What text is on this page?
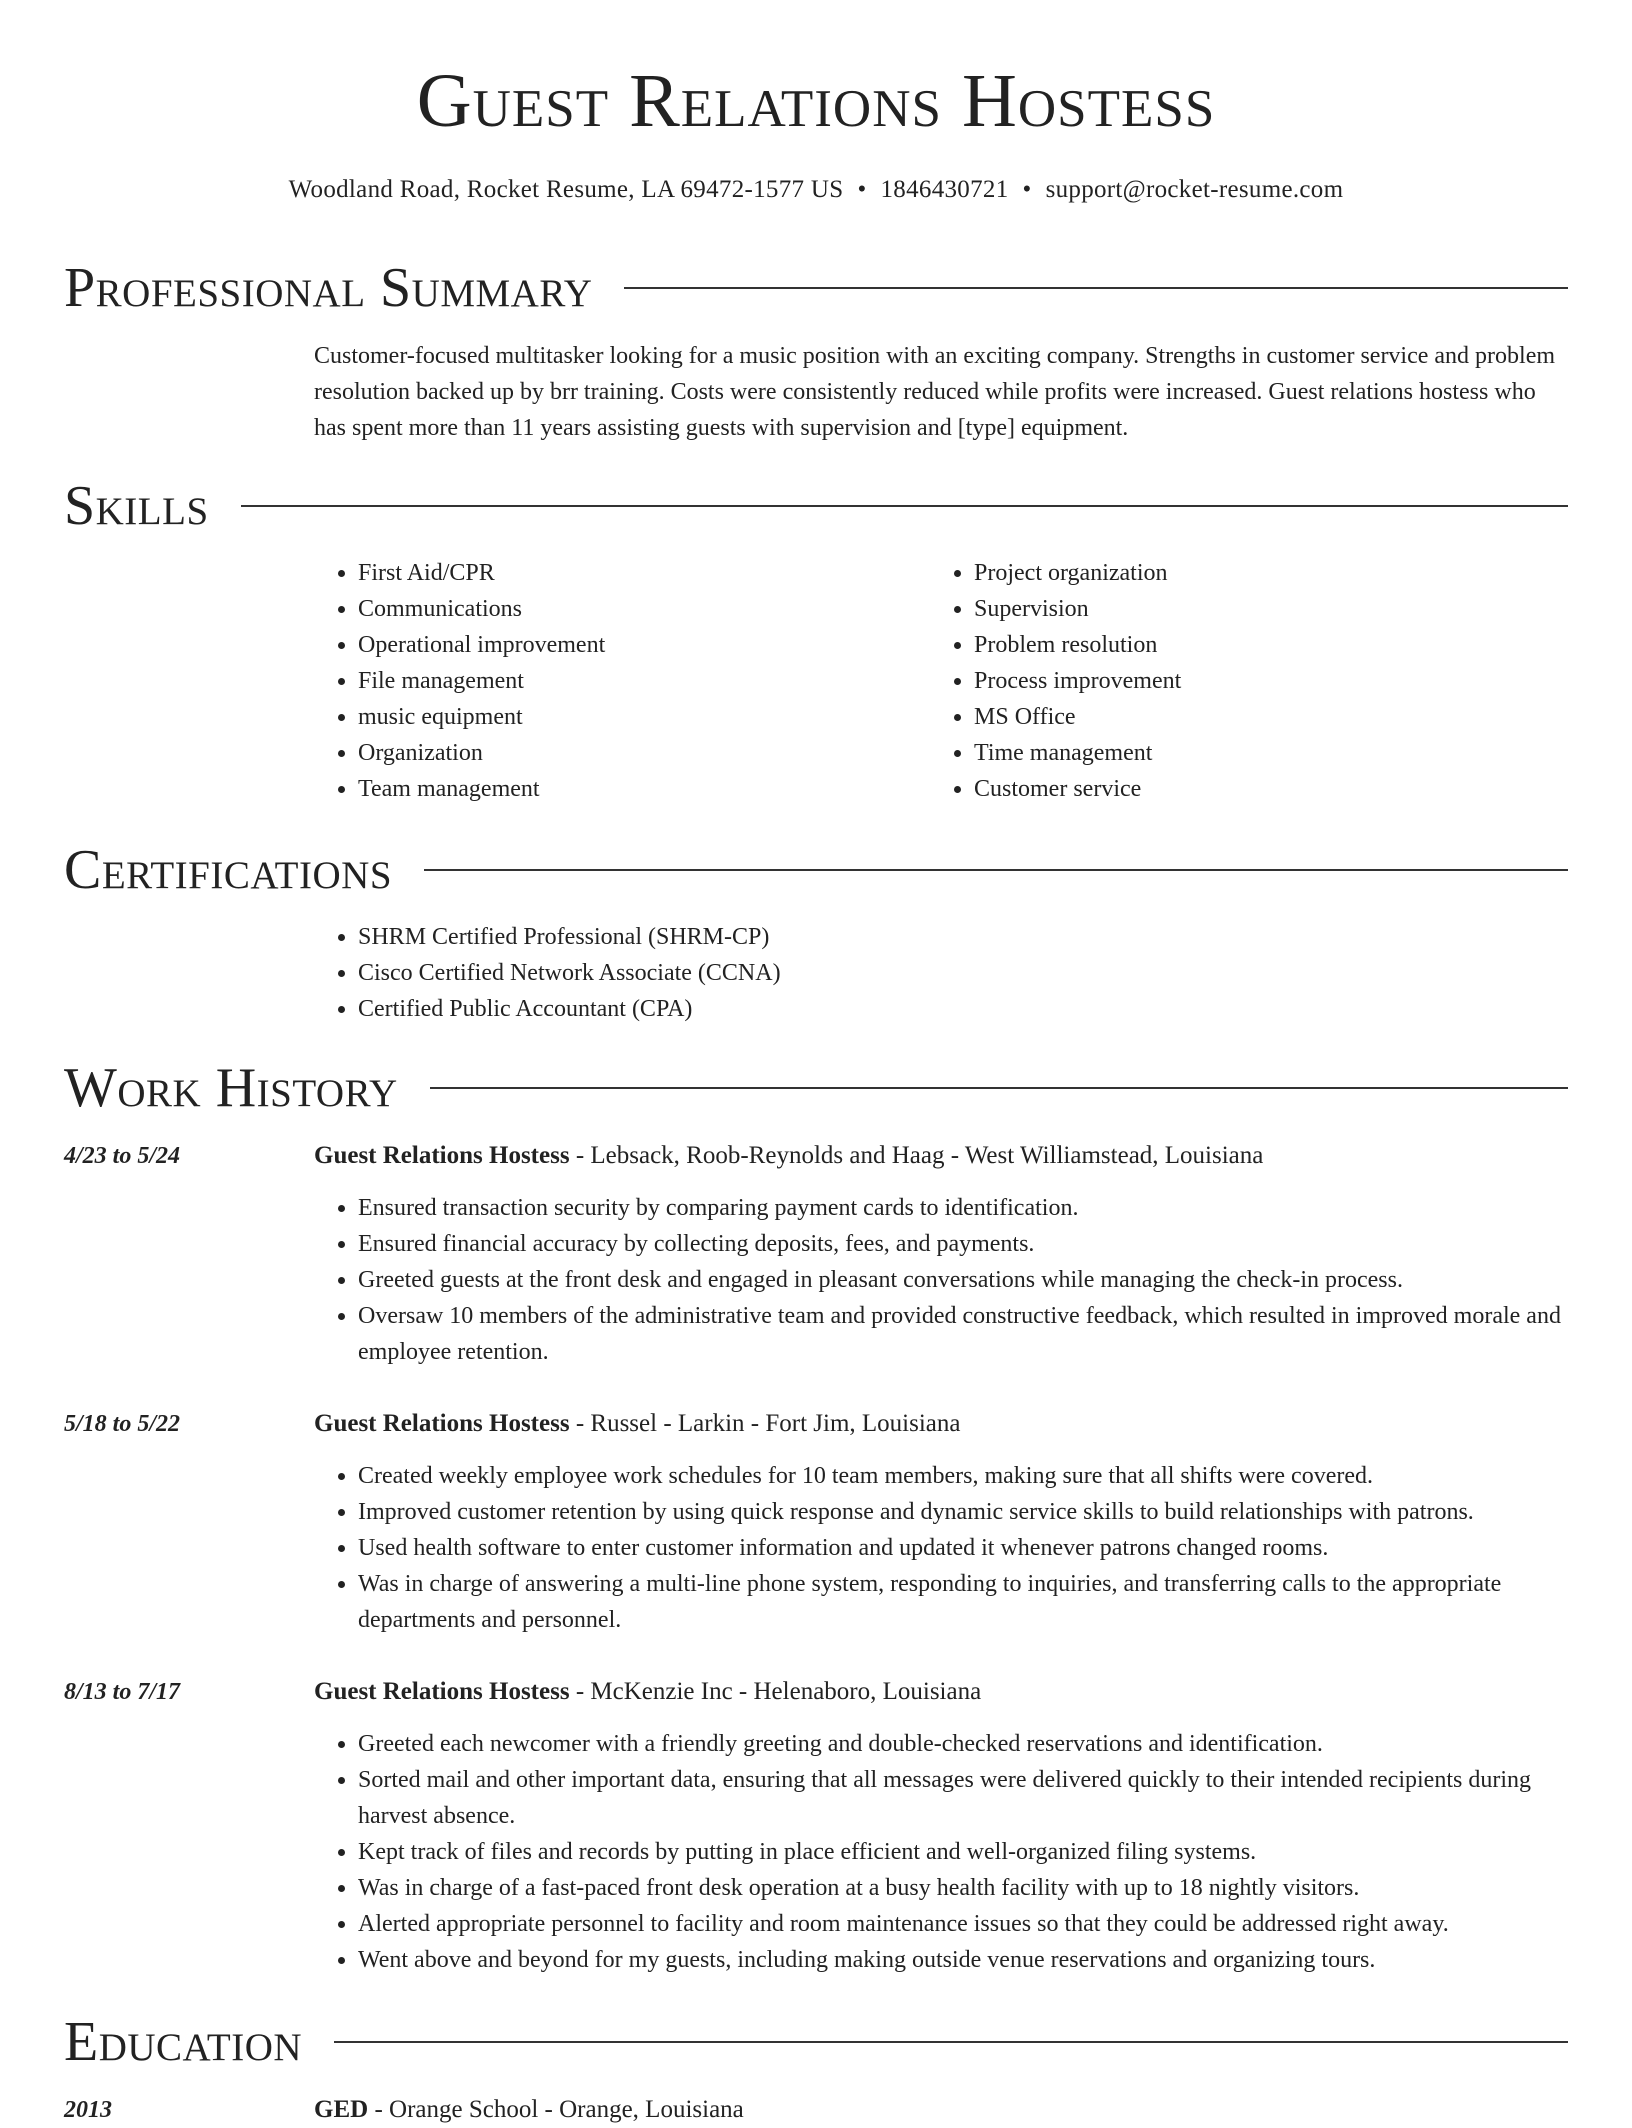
Guest Relations Hostess
Woodland Road, Rocket Resume, LA 69472-1577 US • 1846430721 • support@rocket-resume.com
Professional Summary

Customer-focused multitasker looking for a music position with an exciting company. Strengths in customer service and problem resolution backed up by brr training. Costs were consistently reduced while profits were increased. Guest relations hostess who has spent more than 11 years assisting guests with supervision and [type] equipment.

Skills
• First Aid/CPR
• Communications
• Operational improvement
• File management
• music equipment
• Organization
• Team management
• Project organization
• Supervision
• Problem resolution
• Process improvement
• MS Office
• Time management
• Customer service
Certifications
• SHRM Certified Professional (SHRM-CP)
• Cisco Certified Network Associate (CCNA)
• Certified Public Accountant (CPA)
Work History
4/23 to 5/24	Guest Relations Hostess - Lebsack, Roob-Reynolds and Haag - West Williamstead, Louisiana
• Ensured transaction security by comparing payment cards to identification.
• Ensured financial accuracy by collecting deposits, fees, and payments.
• Greeted guests at the front desk and engaged in pleasant conversations while managing the check-in process.
• Oversaw 10 members of the administrative team and provided constructive feedback, which resulted in improved morale and employee retention.
5/18 to 5/22	Guest Relations Hostess - Russel - Larkin - Fort Jim, Louisiana
• Created weekly employee work schedules for 10 team members, making sure that all shifts were covered.
• Improved customer retention by using quick response and dynamic service skills to build relationships with patrons.
• Used health software to enter customer information and updated it whenever patrons changed rooms.
• Was in charge of answering a multi-line phone system, responding to inquiries, and transferring calls to the appropriate departments and personnel.
8/13 to 7/17	Guest Relations Hostess - McKenzie Inc - Helenaboro, Louisiana
• Greeted each newcomer with a friendly greeting and double-checked reservations and identification.
• Sorted mail and other important data, ensuring that all messages were delivered quickly to their intended recipients during harvest absence.
• Kept track of files and records by putting in place efficient and well-organized filing systems.
• Was in charge of a fast-paced front desk operation at a busy health facility with up to 18 nightly visitors.
• Alerted appropriate personnel to facility and room maintenance issues so that they could be addressed right away.
• Went above and beyond for my guests, including making outside venue reservations and organizing tours.
Education
2013	GED - Orange School - Orange, Louisiana
